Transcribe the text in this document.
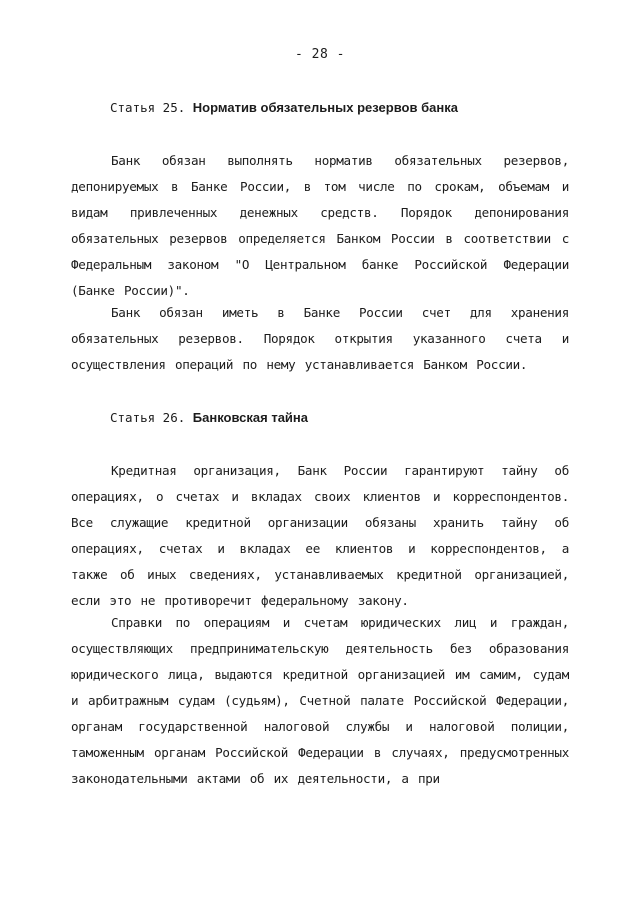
- 28 -
Статья 25. Норматив обязательных резервов банка
Банк обязан выполнять норматив обязательных резервов, депонируемых в Банке России, в том числе по срокам, объемам и видам привлеченных денежных средств. Порядок депонирования обязательных резервов определяется Банком России в соответствии с Федеральным законом "О Центральном банке Российской Федерации (Банке России)".
Банк обязан иметь в Банке России счет для хранения обязательных резервов. Порядок открытия указанного счета и осуществления операций по нему устанавливается Банком России.
Статья 26. Банковская тайна
Кредитная организация, Банк России гарантируют тайну об операциях, о счетах и вкладах своих клиентов и корреспондентов. Все служащие кредитной организации обязаны хранить тайну об операциях, счетах и вкладах ее клиентов и корреспондентов, а также об иных сведениях, устанавливаемых кредитной организацией, если это не противоречит федеральному закону.
Справки по операциям и счетам юридических лиц и граждан, осуществляющих предпринимательскую деятельность без образования юридического лица, выдаются кредитной организацией им самим, судам и арбитражным судам (судьям), Счетной палате Российской Федерации, органам государственной налоговой службы и налоговой полиции, таможенным органам Российской Федерации в случаях, предусмотренных законодательными актами об их деятельности, а при
